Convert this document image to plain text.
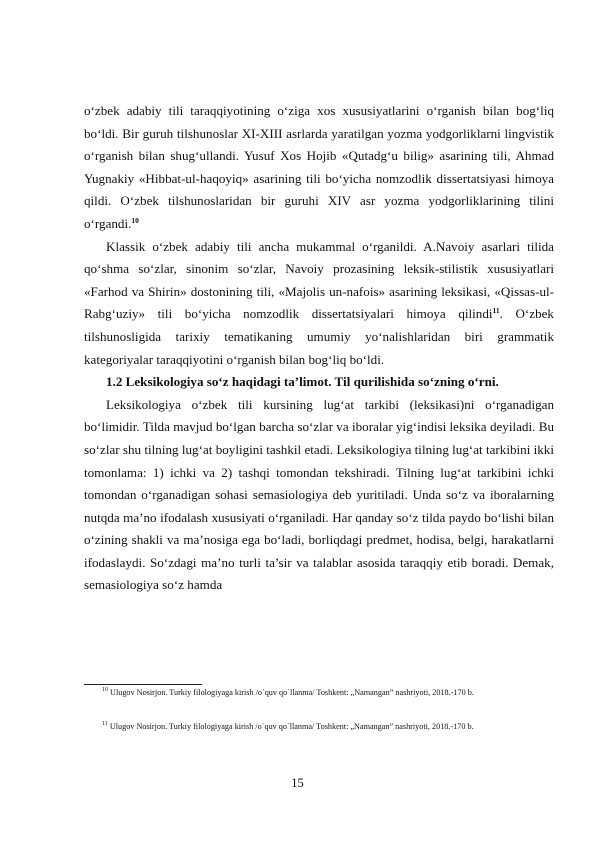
o‘zbek adabiy tili taraqqiyotining o‘ziga xos xususiyatlarini o‘rganish bilan bog‘liq bo‘ldi. Bir guruh tilshunoslar XI-XIII asrlarda yaratilgan yozma yodgorliklarni lingvistik o‘rganish bilan shug‘ullandi. Yusuf Xos Hojib «Qutadg‘u bilig» asarining tili, Ahmad Yugnakiy «Hibbat-ul-haqoyiq» asarining tili bo‘yicha nomzodlik dissertatsiyasi himoya qildi. O‘zbek tilshunoslaridan bir guruhi XIV asr yozma yodgorliklarining tilini o‘rgandi.$^{10}$

Klassik o‘zbek adabiy tili ancha mukammal o‘rganildi. A.Navoiy asarlari tilida qo‘shma so‘zlar, sinonim so‘zlar, Navoiy prozasining leksik-stilistik xususiyatlari «Farhod va Shirin» dostonining tili, «Majolis un-nafois» asarining leksikasi, «Qissas-ul-Rabg‘uziy» tili bo‘yicha nomzodlik dissertatsiyalari himoya qilindi$^{11}$. O‘zbek tilshunosligida tarixiy tematikaning umumiy yo‘nalishlaridan biri grammatik kategoriyalar taraqqiyotini o‘rganish bilan bog‘liq bo‘ldi.

1.2 Leksikologiya so‘z haqidagi ta’limot. Til qurilishida so‘zning o‘rni.

Leksikologiya o‘zbek tili kursining lug‘at tarkibi (leksikasi)ni o‘rganadigan bo‘limidir. Tilda mavjud bo‘lgan barcha so‘zlar va iboralar yig‘indisi leksika deyiladi. Bu so‘zlar shu tilning lug‘at boyligini tashkil etadi. Leksikologiya tilning lug‘at tarkibini ikki tomonlama: 1) ichki va 2) tashqi tomondan tekshiradi. Tilning lug‘at tarkibini ichki tomondan o‘rganadigan sohasi semasiologiya deb yuritiladi. Unda so‘z va iboralarning nutqda ma’no ifodalash xususiyati o‘rganiladi. Har qanday so‘z tilda paydo bo‘lishi bilan o‘zining shakli va ma’nosiga ega bo‘ladi, borliqdagi predmet, hodisa, belgi, harakatlarni ifodaslaydi. So‘zdagi ma’no turli ta’sir va talablar asosida taraqqiy etib boradi. Demak, semasiologiya so‘z hamda

$^{10}$ Ulugov Nosirjon. Turkiy filologiyaga kirish /o`quv qo`llanma/ Toshkent: „Namangan” nashriyoti, 2018.-170 b.
$^{11}$ Ulugov Nosirjon. Turkiy filologiyaga kirish /o`quv qo`llanma/ Toshkent: „Namangan” nashriyoti, 2018.-170 b.
15
